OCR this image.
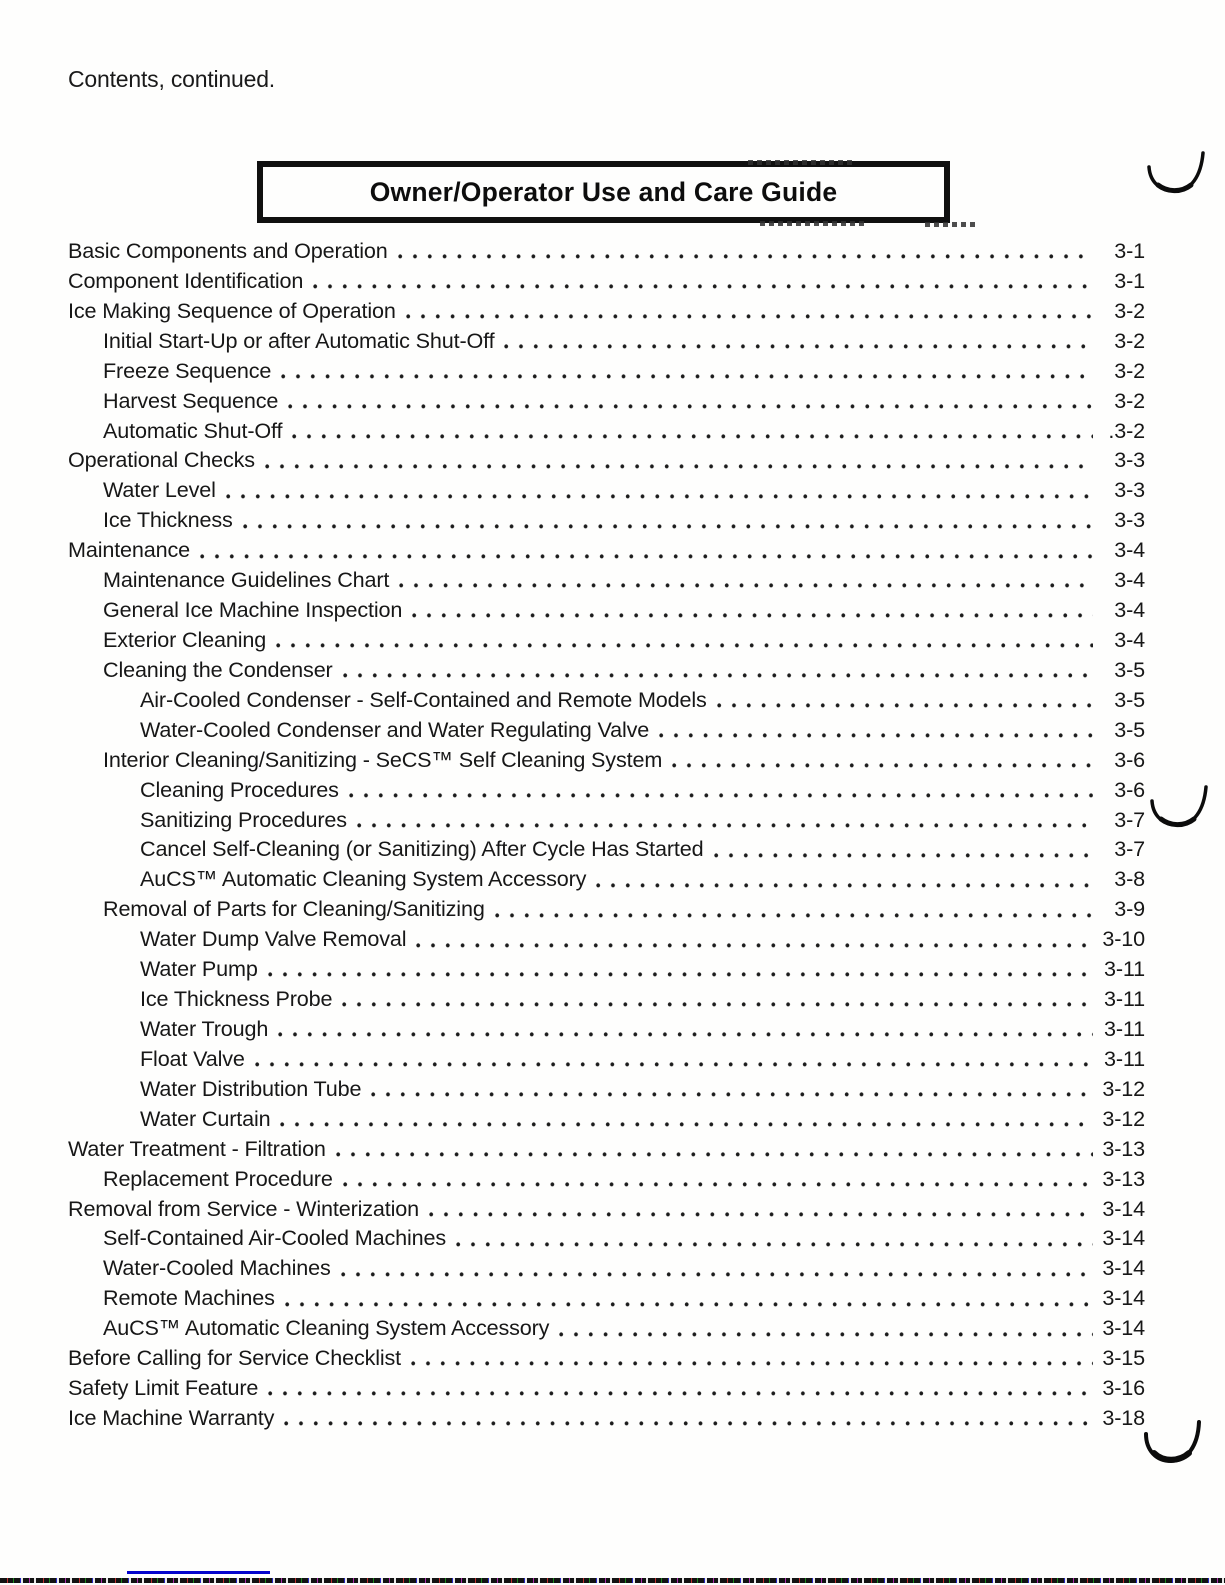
Contents, continued.
Owner/Operator Use and Care Guide
Basic Components and Operation	3-1
Component Identification	3-1
Ice Making Sequence of Operation	3-2
Initial Start-Up or after Automatic Shut-Off	3-2
Freeze Sequence	3-2
Harvest Sequence	3-2
Automatic Shut-Off	.3-2
Operational Checks	3-3
Water Level	3-3
Ice Thickness	3-3
Maintenance	3-4
Maintenance Guidelines Chart	3-4
General Ice Machine Inspection	3-4
Exterior Cleaning	3-4
Cleaning the Condenser	3-5
Air-Cooled Condenser - Self-Contained and Remote Models	3-5
Water-Cooled Condenser and Water Regulating Valve	3-5
Interior Cleaning/Sanitizing - SeCS™ Self Cleaning System	3-6
Cleaning Procedures	3-6
Sanitizing Procedures	3-7
Cancel Self-Cleaning (or Sanitizing) After Cycle Has Started	3-7
AuCS™ Automatic Cleaning System Accessory	3-8
Removal of Parts for Cleaning/Sanitizing	3-9
Water Dump Valve Removal	3-10
Water Pump	3-11
Ice Thickness Probe	3-11
Water Trough	3-11
Float Valve	3-11
Water Distribution Tube	3-12
Water Curtain	3-12
Water Treatment - Filtration	3-13
Replacement Procedure	3-13
Removal from Service - Winterization	3-14
Self-Contained Air-Cooled Machines	3-14
Water-Cooled Machines	3-14
Remote Machines	3-14
AuCS™ Automatic Cleaning System Accessory	3-14
Before Calling for Service Checklist	3-15
Safety Limit Feature	3-16
Ice Machine Warranty	3-18
